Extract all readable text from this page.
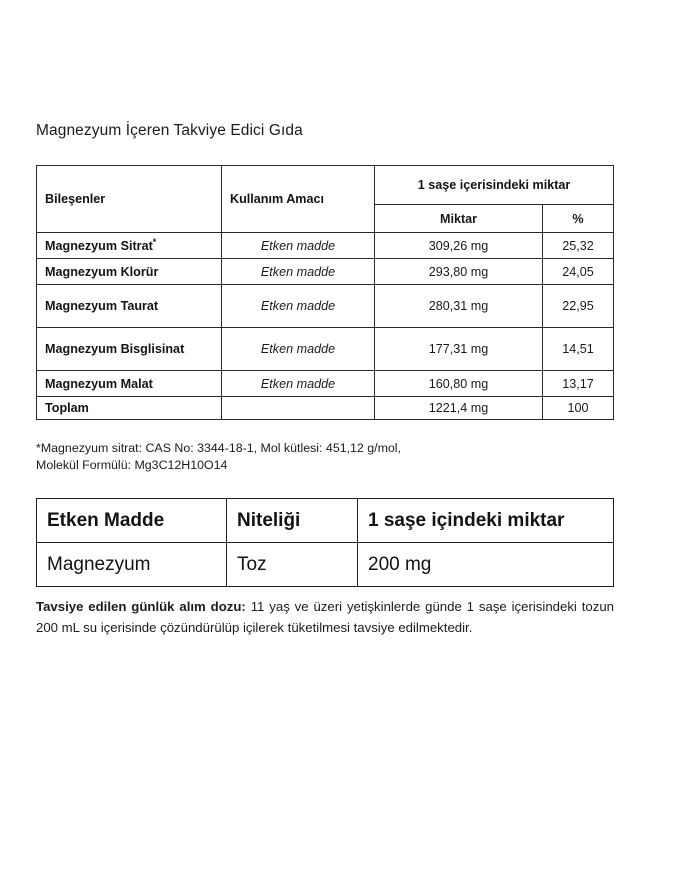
Magnezyum İçeren Takviye Edici Gıda
Bileşenler	Kullanım Amacı	1 saşe içerisindeki miktar	
		Miktar	%
Magnezyum Sitrat*	Etken madde	309,26 mg	25,32
Magnezyum Klorür	Etken madde	293,80 mg	24,05
Magnezyum Taurat	Etken madde	280,31 mg	22,95
Magnezyum Bisglisinat	Etken madde	177,31 mg	14,51
Magnezyum Malat	Etken madde	160,80 mg	13,17
Toplam		1221,4 mg	100
*Magnezyum sitrat: CAS No: 3344-18-1, Mol kütlesi: 451,12 g/mol,
Molekül Formülü: Mg3C12H10O14
Etken Madde	Niteliği	1 saşe içindeki miktar
Magnezyum	Toz	200 mg
Tavsiye edilen günlük alım dozu: 11 yaş ve üzeri yetişkinlerde günde 1 saşe içerisindeki tozun 200 mL su içerisinde çözündürülüp içilerek tüketilmesi tavsiye edilmektedir.
